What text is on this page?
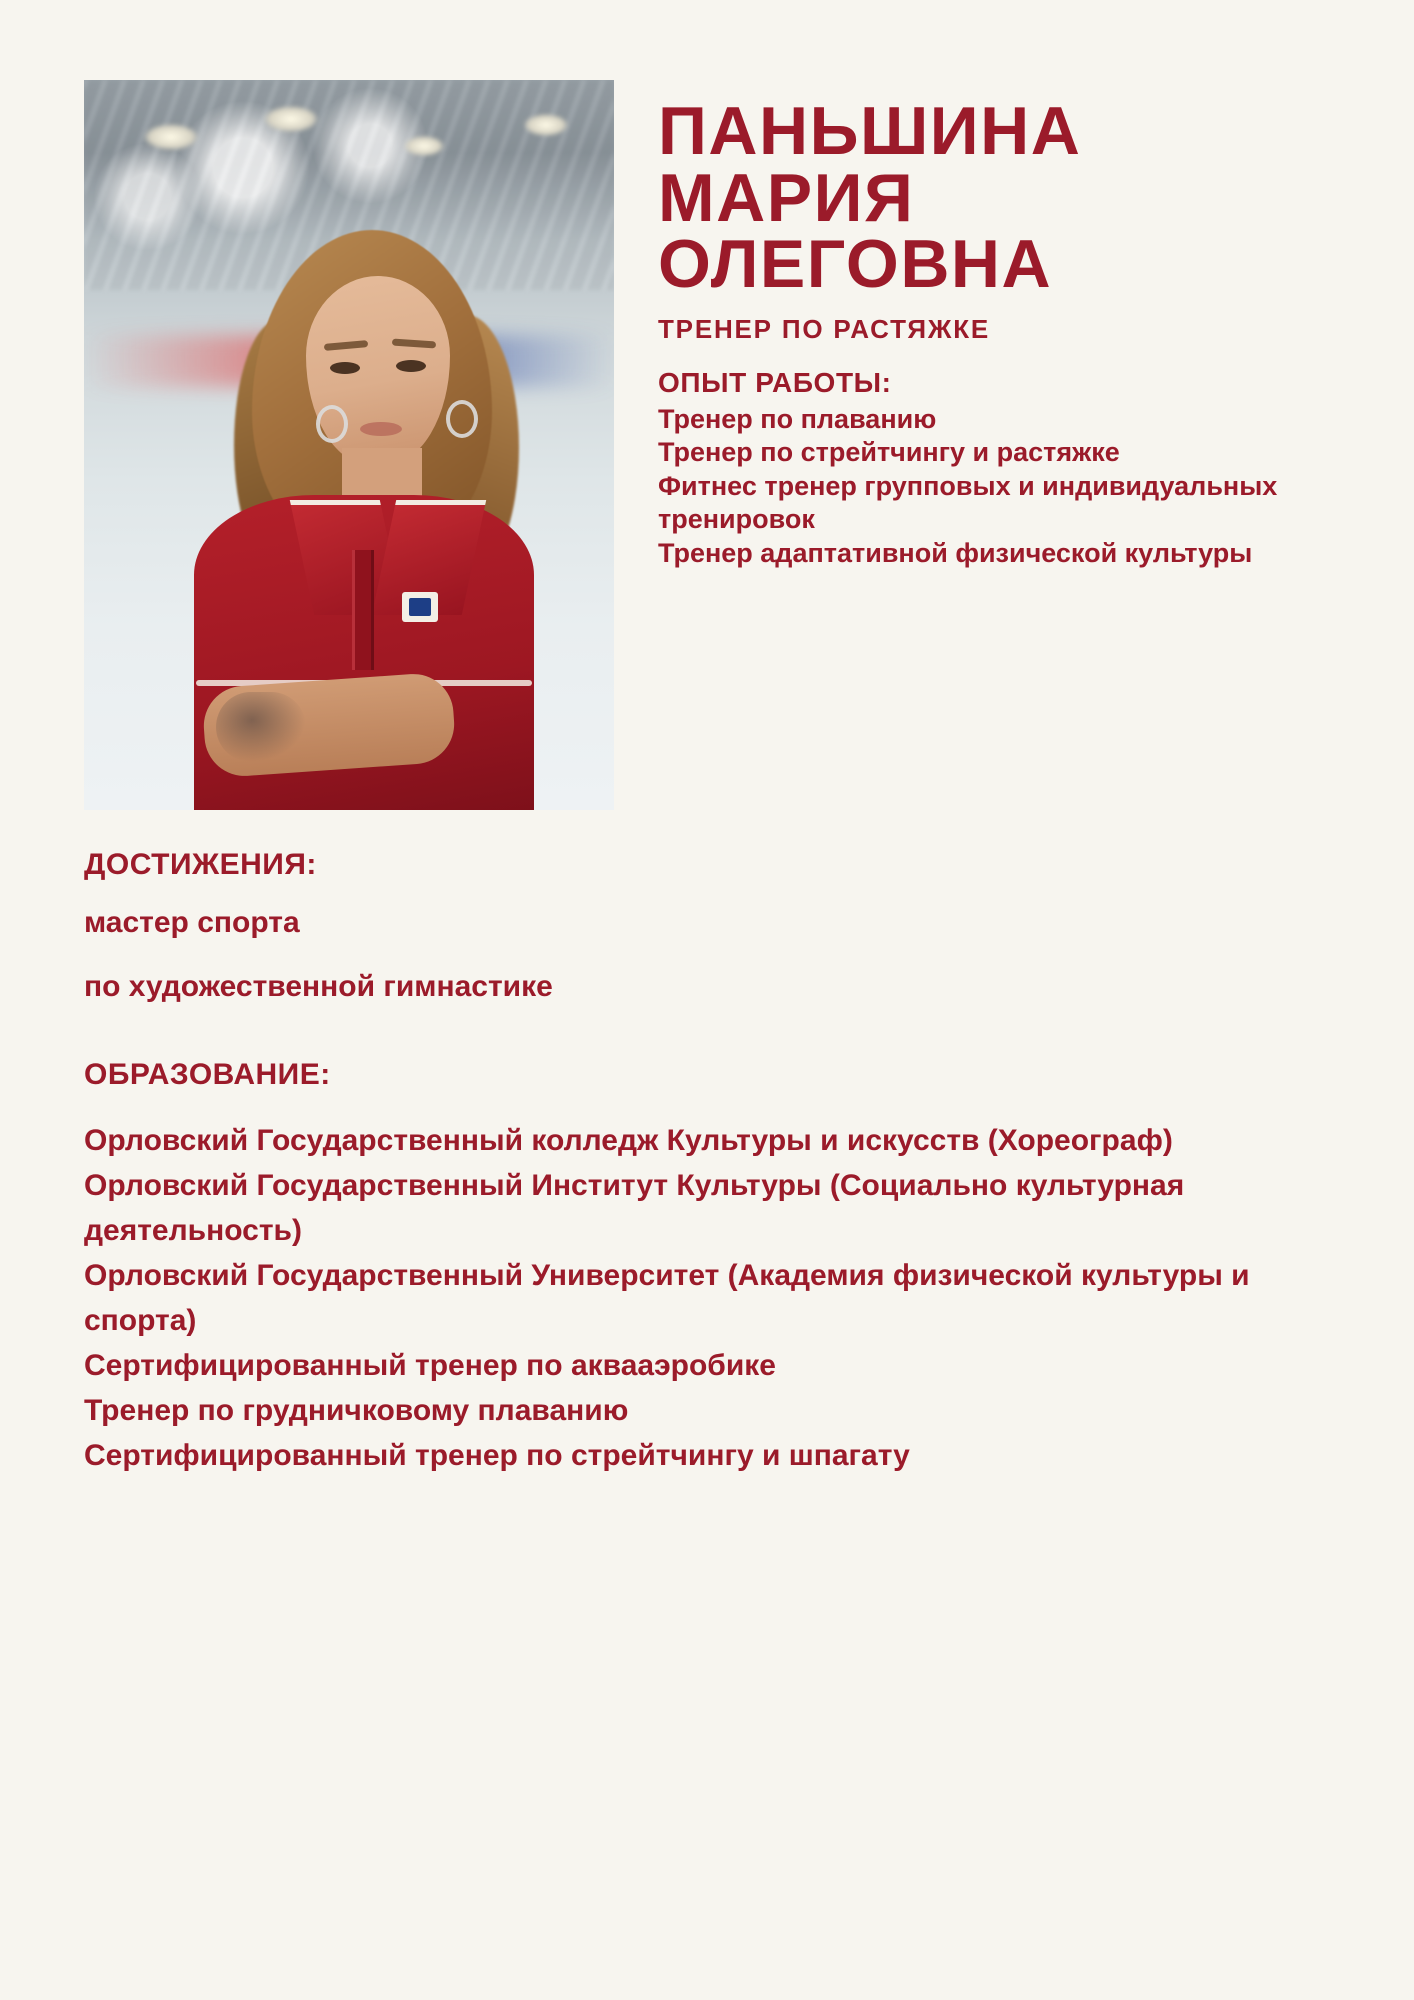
ПАНЬШИНА
МАРИЯ
ОЛЕГОВНА
ТРЕНЕР ПО РАСТЯЖКЕ
ОПЫТ РАБОТЫ:
Тренер по плаванию
Тренер по стрейтчингу и растяжке
Фитнес тренер групповых и индивидуальных тренировок
Тренер адаптативной физической культуры
ДОСТИЖЕНИЯ:
мастер спорта
по художественной гимнастике
ОБРАЗОВАНИЕ:
Орловский Государственный колледж Культуры и искусств (Хореограф)
Орловский Государственный Институт Культуры (Социально культурная деятельность)
Орловский Государственный Университет (Академия физической культуры и спорта)
Сертифицированный тренер по аквааэробике
Тренер по грудничковому плаванию
Сертифицированный тренер по стрейтчингу и шпагату
